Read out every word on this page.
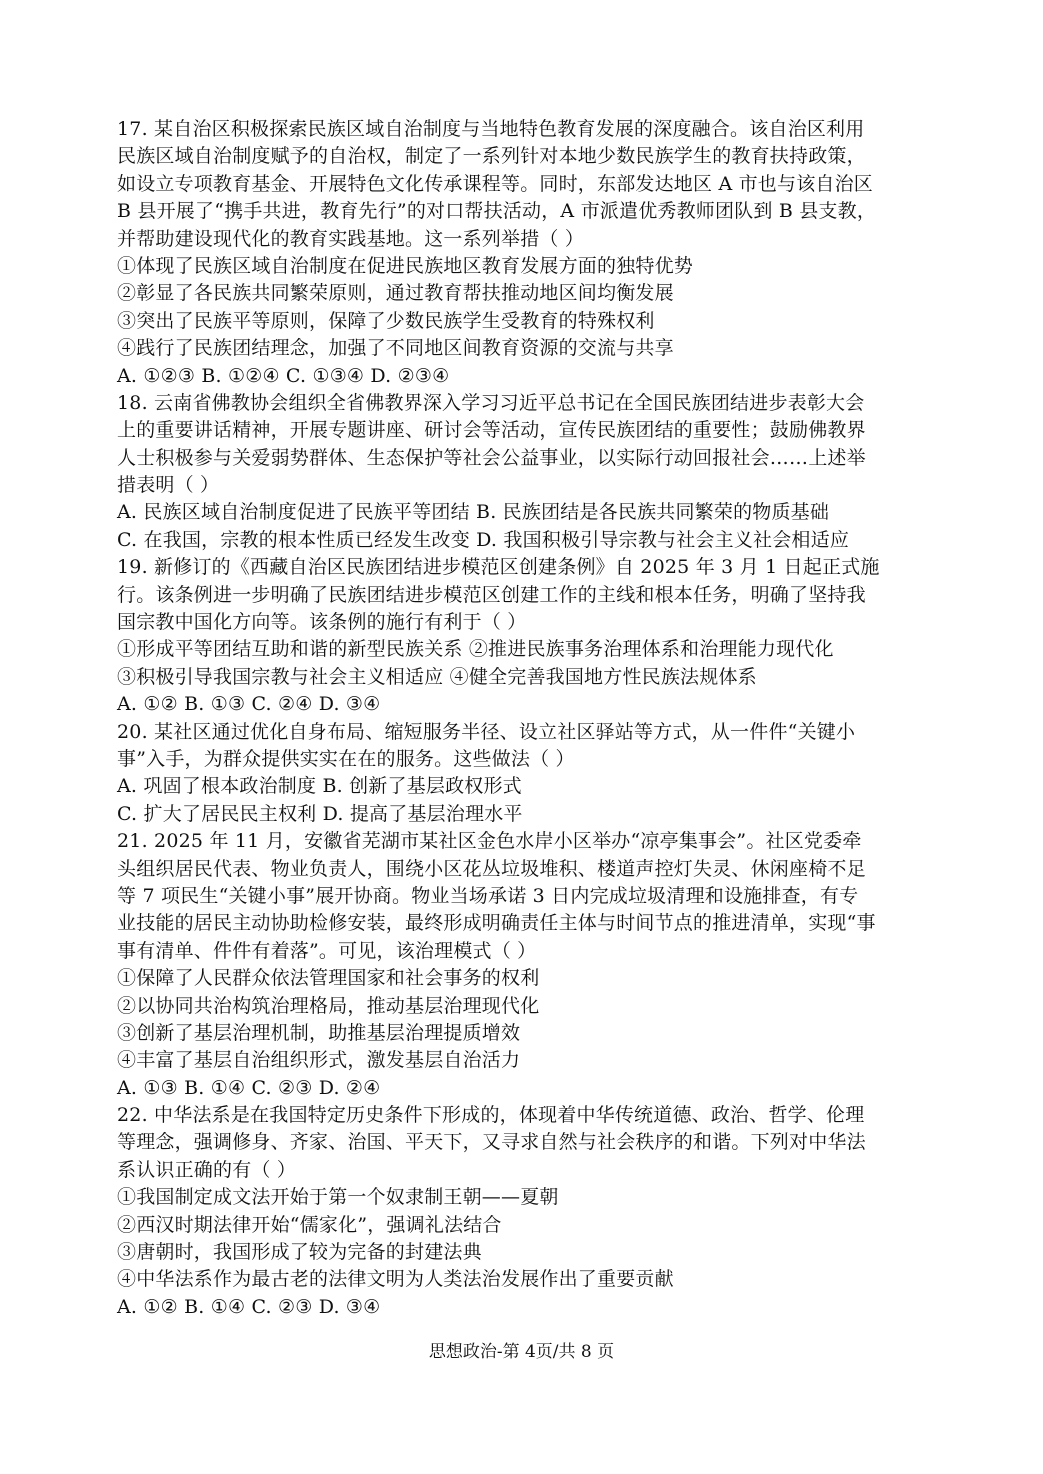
17. 某自治区积极探索民族区域自治制度与当地特色教育发展的深度融合。该自治区利用
民族区域自治制度赋予的自治权，制定了一系列针对本地少数民族学生的教育扶持政策，
如设立专项教育基金、开展特色文化传承课程等。同时，东部发达地区 A 市也与该自治区
B 县开展了“携手共进，教育先行”的对口帮扶活动，A 市派遣优秀教师团队到 B 县支教，
并帮助建设现代化的教育实践基地。这一系列举措（ ）
①体现了民族区域自治制度在促进民族地区教育发展方面的独特优势
②彰显了各民族共同繁荣原则，通过教育帮扶推动地区间均衡发展
③突出了民族平等原则，保障了少数民族学生受教育的特殊权利
④践行了民族团结理念，加强了不同地区间教育资源的交流与共享
A. ①②③ B. ①②④ C. ①③④ D. ②③④
18. 云南省佛教协会组织全省佛教界深入学习习近平总书记在全国民族团结进步表彰大会
上的重要讲话精神，开展专题讲座、研讨会等活动，宣传民族团结的重要性；鼓励佛教界
人士积极参与关爱弱势群体、生态保护等社会公益事业，以实际行动回报社会……上述举
措表明（ ）
A. 民族区域自治制度促进了民族平等团结 B. 民族团结是各民族共同繁荣的物质基础
C. 在我国，宗教的根本性质已经发生改变 D. 我国积极引导宗教与社会主义社会相适应
19. 新修订的《西藏自治区民族团结进步模范区创建条例》自 2025 年 3 月 1 日起正式施
行。该条例进一步明确了民族团结进步模范区创建工作的主线和根本任务，明确了坚持我
国宗教中国化方向等。该条例的施行有利于（ ）
①形成平等团结互助和谐的新型民族关系 ②推进民族事务治理体系和治理能力现代化
③积极引导我国宗教与社会主义相适应 ④健全完善我国地方性民族法规体系
A. ①② B. ①③ C. ②④ D. ③④
20. 某社区通过优化自身布局、缩短服务半径、设立社区驿站等方式，从一件件“关键小
事”入手，为群众提供实实在在的服务。这些做法（ ）
A. 巩固了根本政治制度 B. 创新了基层政权形式
C. 扩大了居民民主权利 D. 提高了基层治理水平
21. 2025 年 11 月，安徽省芜湖市某社区金色水岸小区举办“凉亭集事会”。社区党委牵
头组织居民代表、物业负责人，围绕小区花丛垃圾堆积、楼道声控灯失灵、休闲座椅不足
等 7 项民生“关键小事”展开协商。物业当场承诺 3 日内完成垃圾清理和设施排查，有专
业技能的居民主动协助检修安装，最终形成明确责任主体与时间节点的推进清单，实现“事
事有清单、件件有着落”。可见，该治理模式（ ）
①保障了人民群众依法管理国家和社会事务的权利
②以协同共治构筑治理格局，推动基层治理现代化
③创新了基层治理机制，助推基层治理提质增效
④丰富了基层自治组织形式，激发基层自治活力
A. ①③ B. ①④ C. ②③ D. ②④
22. 中华法系是在我国特定历史条件下形成的，体现着中华传统道德、政治、哲学、伦理
等理念，强调修身、齐家、治国、平天下，又寻求自然与社会秩序的和谐。下列对中华法
系认识正确的有（ ）
①我国制定成文法开始于第一个奴隶制王朝——夏朝
②西汉时期法律开始“儒家化”，强调礼法结合
③唐朝时，我国形成了较为完备的封建法典
④中华法系作为最古老的法律文明为人类法治发展作出了重要贡献
A. ①② B. ①④ C. ②③ D. ③④
思想政治-第 4页/共 8 页
